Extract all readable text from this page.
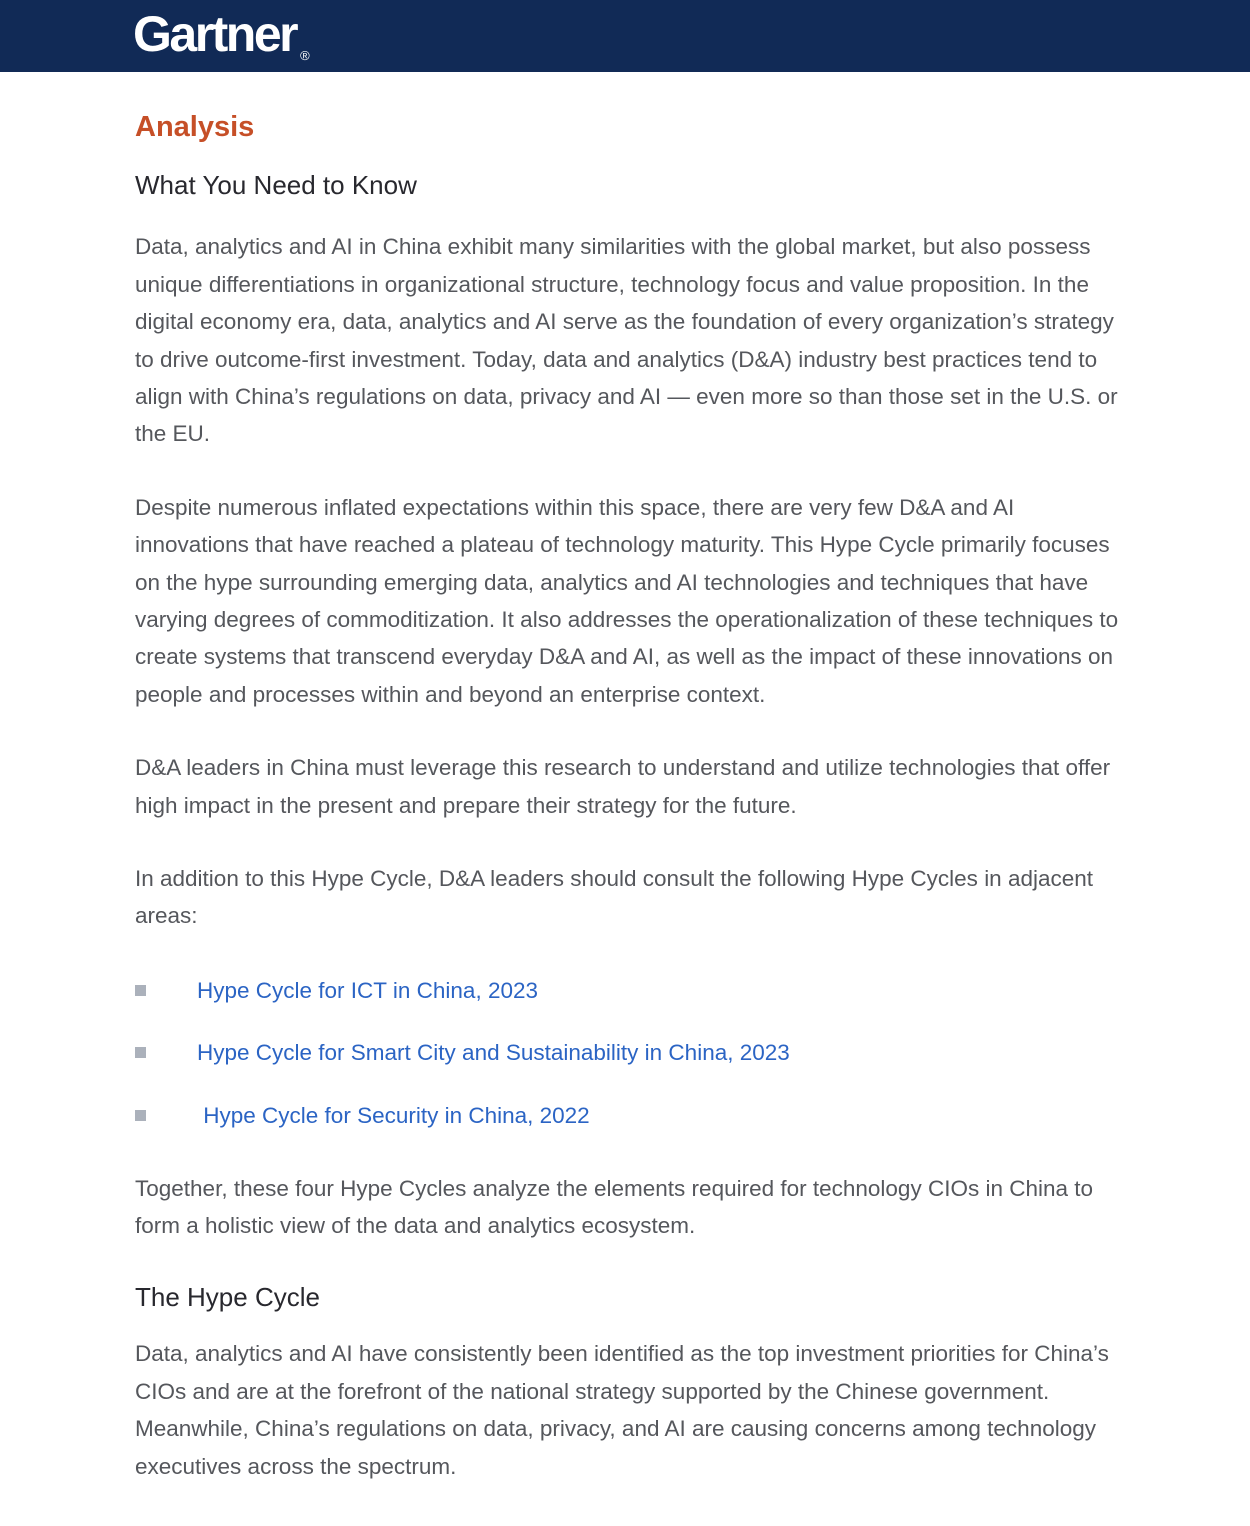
Gartner ®
Analysis
What You Need to Know

Data, analytics and AI in China exhibit many similarities with the global market, but also possess unique differentiations in organizational structure, technology focus and value proposition. In the digital economy era, data, analytics and AI serve as the foundation of every organization’s strategy to drive outcome-first investment. Today, data and analytics (D&A) industry best practices tend to align with China’s regulations on data, privacy and AI — even more so than those set in the U.S. or the EU.

Despite numerous inflated expectations within this space, there are very few D&A and AI innovations that have reached a plateau of technology maturity. This Hype Cycle primarily focuses on the hype surrounding emerging data, analytics and AI technologies and techniques that have varying degrees of commoditization. It also addresses the operationalization of these techniques to create systems that transcend everyday D&A and AI, as well as the impact of these innovations on people and processes within and beyond an enterprise context.

D&A leaders in China must leverage this research to understand and utilize technologies that offer high impact in the present and prepare their strategy for the future.

In addition to this Hype Cycle, D&A leaders should consult the following Hype Cycles in adjacent areas:

Hype Cycle for ICT in China, 2023
Hype Cycle for Smart City and Sustainability in China, 2023
Hype Cycle for Security in China, 2022

Together, these four Hype Cycles analyze the elements required for technology CIOs in China to form a holistic view of the data and analytics ecosystem.

The Hype Cycle

Data, analytics and AI have consistently been identified as the top investment priorities for China’s CIOs and are at the forefront of the national strategy supported by the Chinese government. Meanwhile, China’s regulations on data, privacy, and AI are causing concerns among technology executives across the spectrum.
